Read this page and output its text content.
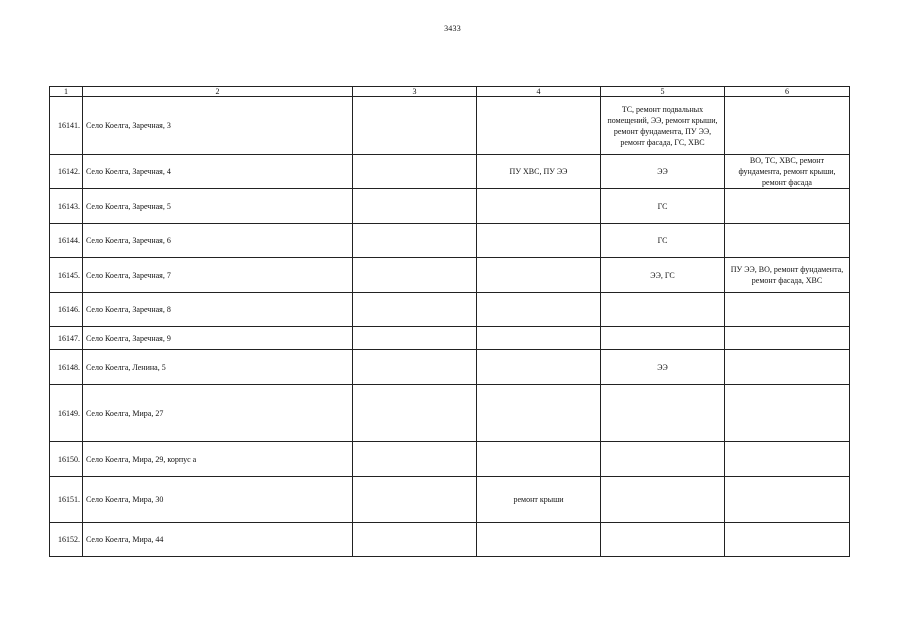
3433
1	2	3	4	5	6
16141.	Село Коелга, Заречная, 3			ТС, ремонт подвальных помещений, ЭЭ, ремонт крыши, ремонт фундамента, ПУ ЭЭ, ремонт фасада, ГС, ХВС	
16142.	Село Коелга, Заречная, 4		ПУ ХВС, ПУ ЭЭ	ЭЭ	ВО, ТС, ХВС, ремонт фундамента, ремонт крыши, ремонт фасада
16143.	Село Коелга, Заречная, 5			ГС	
16144.	Село Коелга, Заречная, 6			ГС	
16145.	Село Коелга, Заречная, 7			ЭЭ, ГС	ПУ ЭЭ, ВО, ремонт фундамента, ремонт фасада, ХВС
16146.	Село Коелга, Заречная, 8				
16147.	Село Коелга, Заречная, 9				
16148.	Село Коелга, Ленина, 5			ЭЭ	
16149.	Село Коелга, Мира, 27				
16150.	Село Коелга, Мира, 29, корпус а				
16151.	Село Коелга, Мира, 30		ремонт крыши		
16152.	Село Коелга, Мира, 44				
